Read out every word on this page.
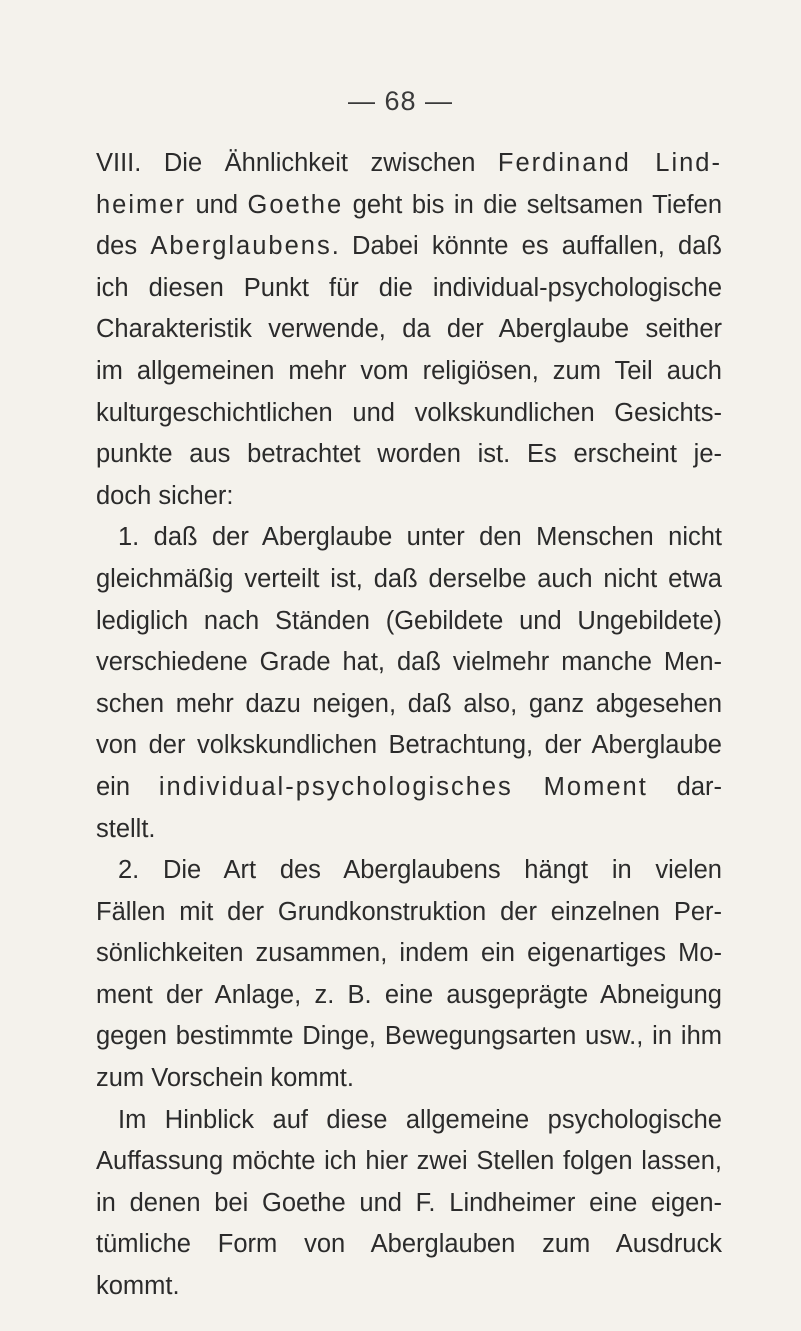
— 68 —
VIII. Die Ähnlichkeit zwischen Ferdinand Lind-
heimer und Goethe geht bis in die seltsamen Tiefen
des Aberglaubens. Dabei könnte es auffallen, daß
ich diesen Punkt für die individual-psychologische
Charakteristik verwende, da der Aberglaube seither
im allgemeinen mehr vom religiösen, zum Teil auch
kulturgeschichtlichen und volkskundlichen Gesichts-
punkte aus betrachtet worden ist. Es erscheint je-
doch sicher:
1. daß der Aberglaube unter den Menschen nicht
gleichmäßig verteilt ist, daß derselbe auch nicht etwa
lediglich nach Ständen (Gebildete und Ungebildete)
verschiedene Grade hat, daß vielmehr manche Men-
schen mehr dazu neigen, daß also, ganz abgesehen
von der volkskundlichen Betrachtung, der Aberglaube
ein individual-psychologisches Moment dar-
stellt.
2. Die Art des Aberglaubens hängt in vielen
Fällen mit der Grundkonstruktion der einzelnen Per-
sönlichkeiten zusammen, indem ein eigenartiges Mo-
ment der Anlage, z. B. eine ausgeprägte Abneigung
gegen bestimmte Dinge, Bewegungsarten usw., in ihm
zum Vorschein kommt.
Im Hinblick auf diese allgemeine psychologische
Auffassung möchte ich hier zwei Stellen folgen lassen,
in denen bei Goethe und F. Lindheimer eine eigen-
tümliche Form von Aberglauben zum Ausdruck
kommt.
